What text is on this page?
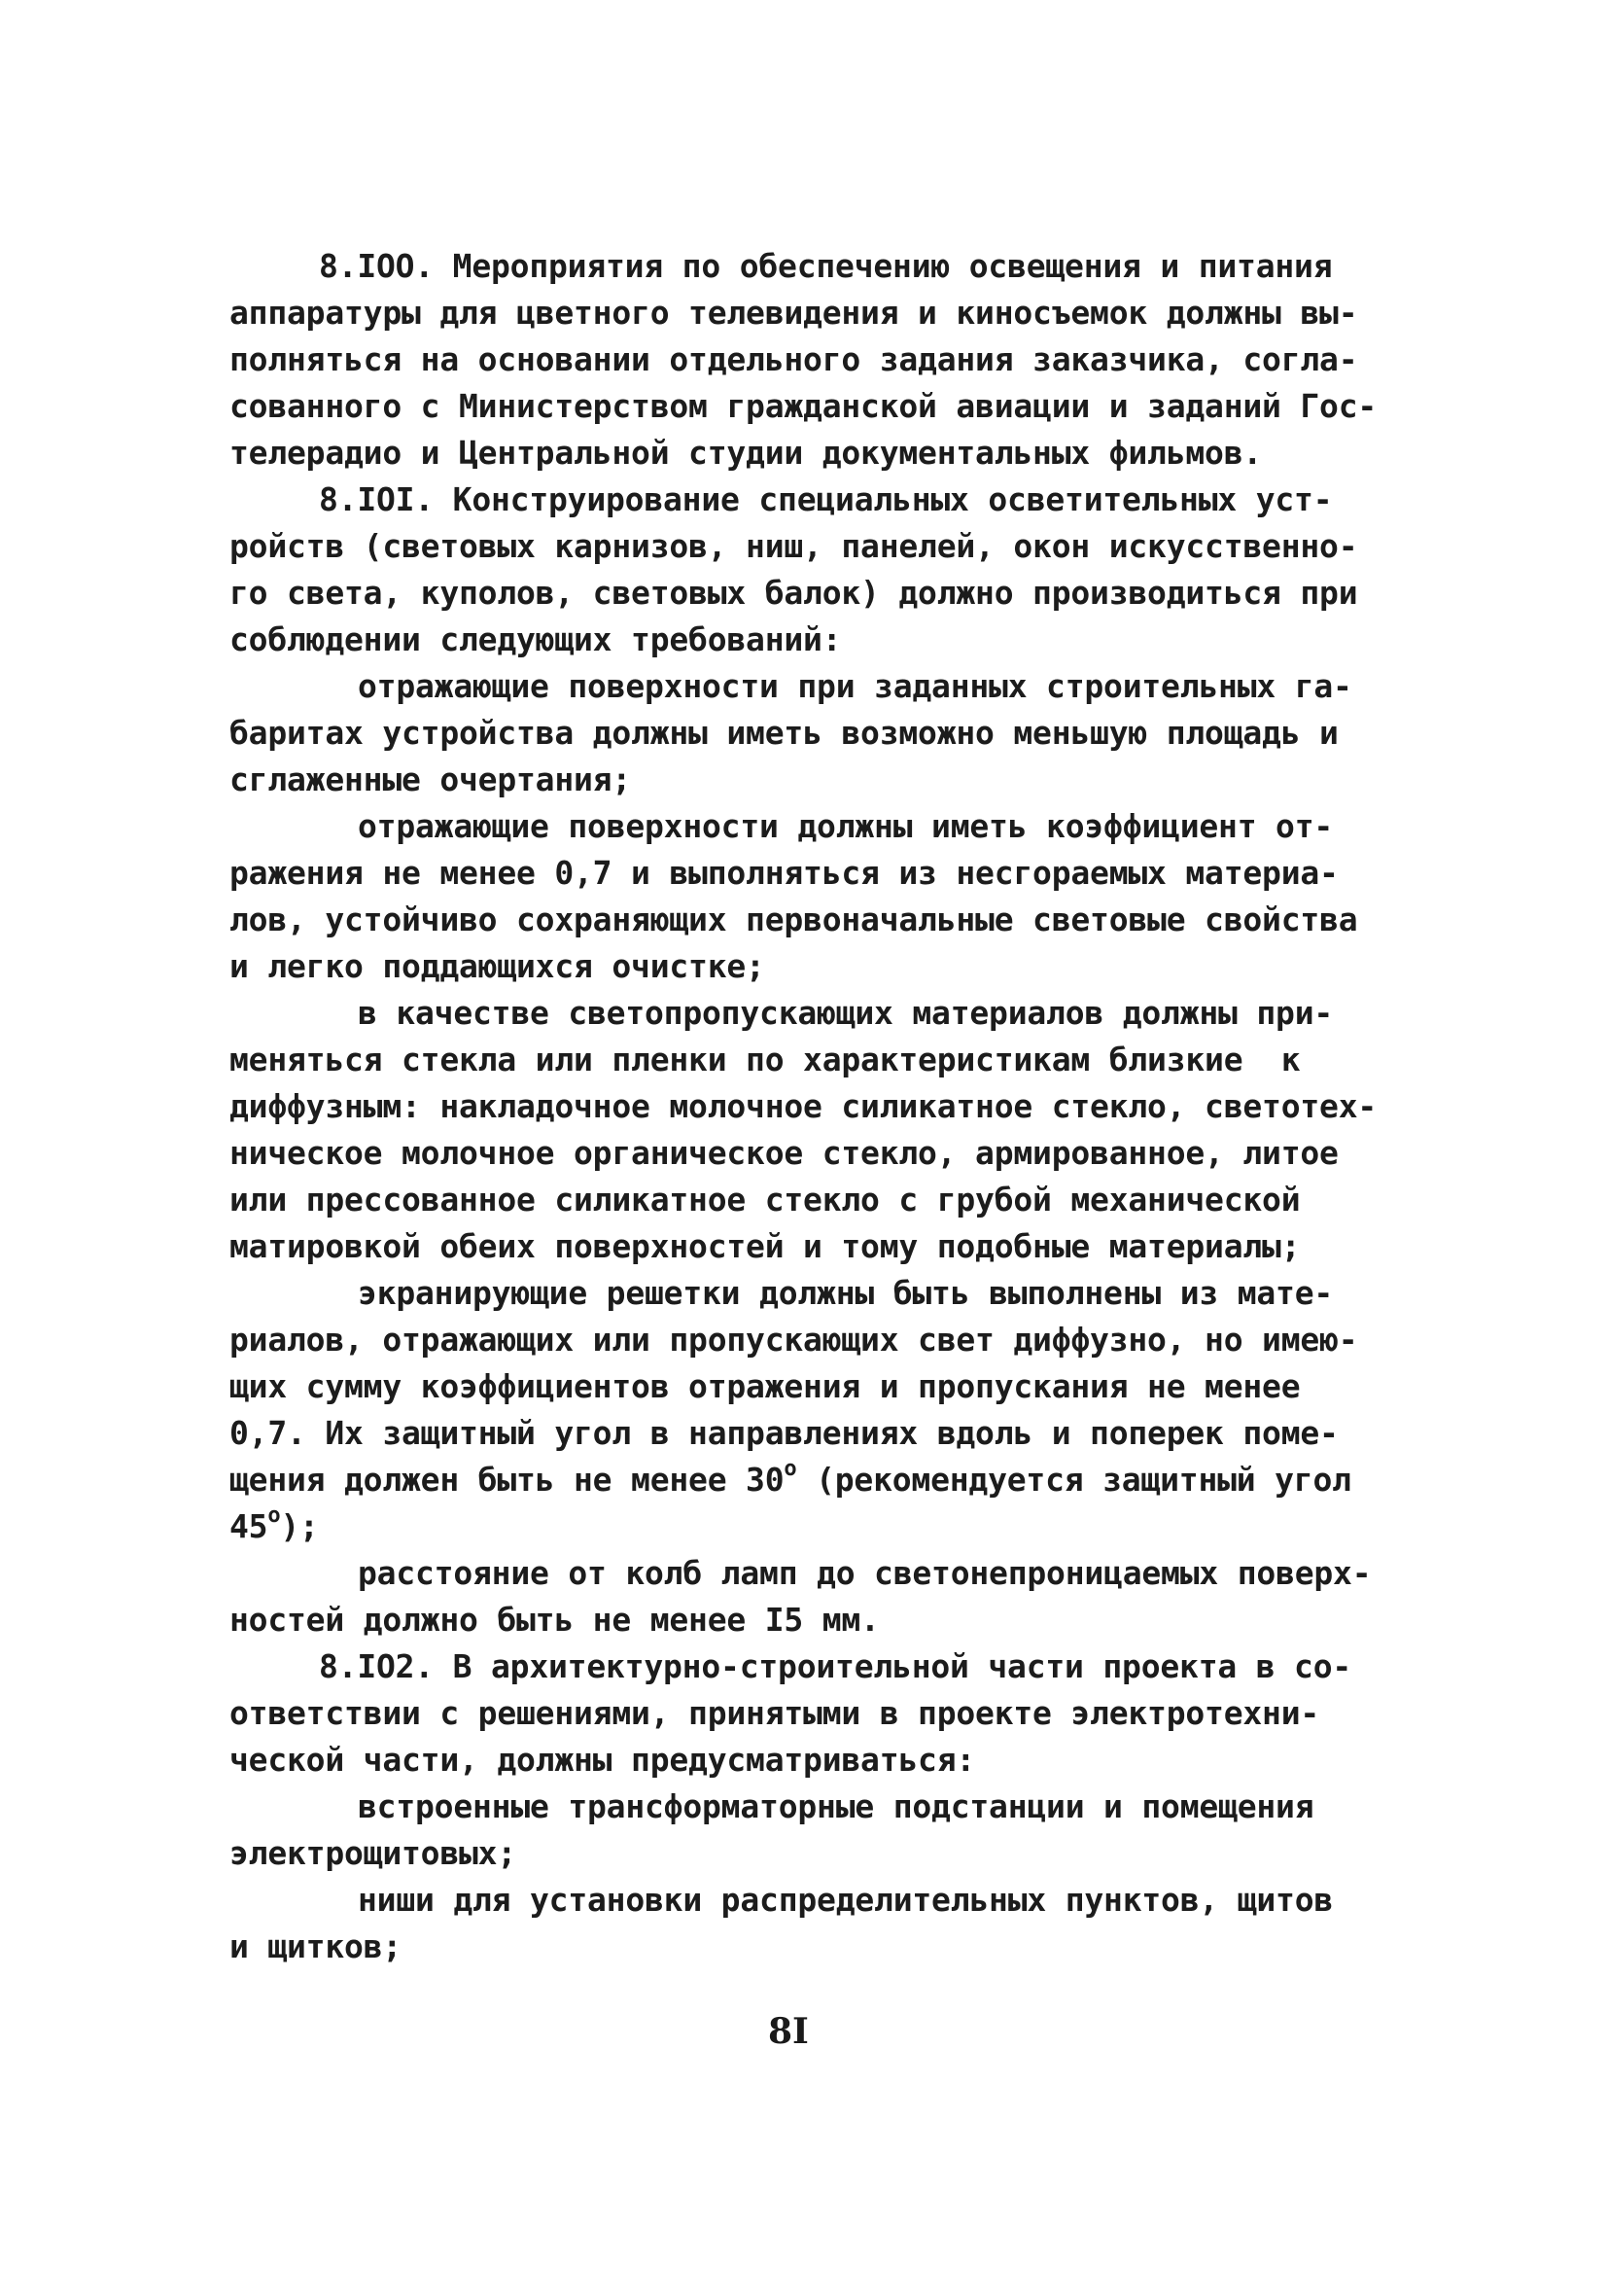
8.IOO. Мероприятия по обеспечению освещения и питания
аппаратуры для цветного телевидения и киносъемок должны вы-
полняться на основании отдельного задания заказчика, согла-
сованного с Министерством гражданской авиации и заданий Гос-
телерадио и Центральной студии документальных фильмов.
8.IOI. Конструирование специальных осветительных уст-
ройств (световых карнизов, ниш, панелей, окон искусственно-
го света, куполов, световых балок) должно производиться при
соблюдении следующих требований:
отражающие поверхности при заданных строительных га-
баритах устройства должны иметь возможно меньшую площадь и
сглаженные очертания;
отражающие поверхности должны иметь коэффициент от-
ражения не менее 0,7 и выполняться из несгораемых материа-
лов, устойчиво сохраняющих первоначальные световые свойства
и легко поддающихся очистке;
в качестве светопропускающих материалов должны при-
меняться стекла или пленки по характеристикам близкие  к
диффузным: накладочное молочное силикатное стекло, светотех-
ническое молочное органическое стекло, армированное, литое
или прессованное силикатное стекло с грубой механической
матировкой обеих поверхностей и тому подобные материалы;
экранирующие решетки должны быть выполнены из мате-
риалов, отражающих или пропускающих свет диффузно, но имею-
щих сумму коэффициентов отражения и пропускания не менее
0,7. Их защитный угол в направлениях вдоль и поперек поме-
щения должен быть не менее 30$^o$ (рекомендуется защитный угол
45$^o$);
расстояние от колб ламп до светонепроницаемых поверх-
ностей должно быть не менее I5 мм.
8.IO2. В архитектурно-строительной части проекта в со-
ответствии с решениями, принятыми в проекте электротехни-
ческой части, должны предусматриваться:
встроенные трансформаторные подстанции и помещения
электрощитовых;
ниши для установки распределительных пунктов, щитов
и щитков;
8I
